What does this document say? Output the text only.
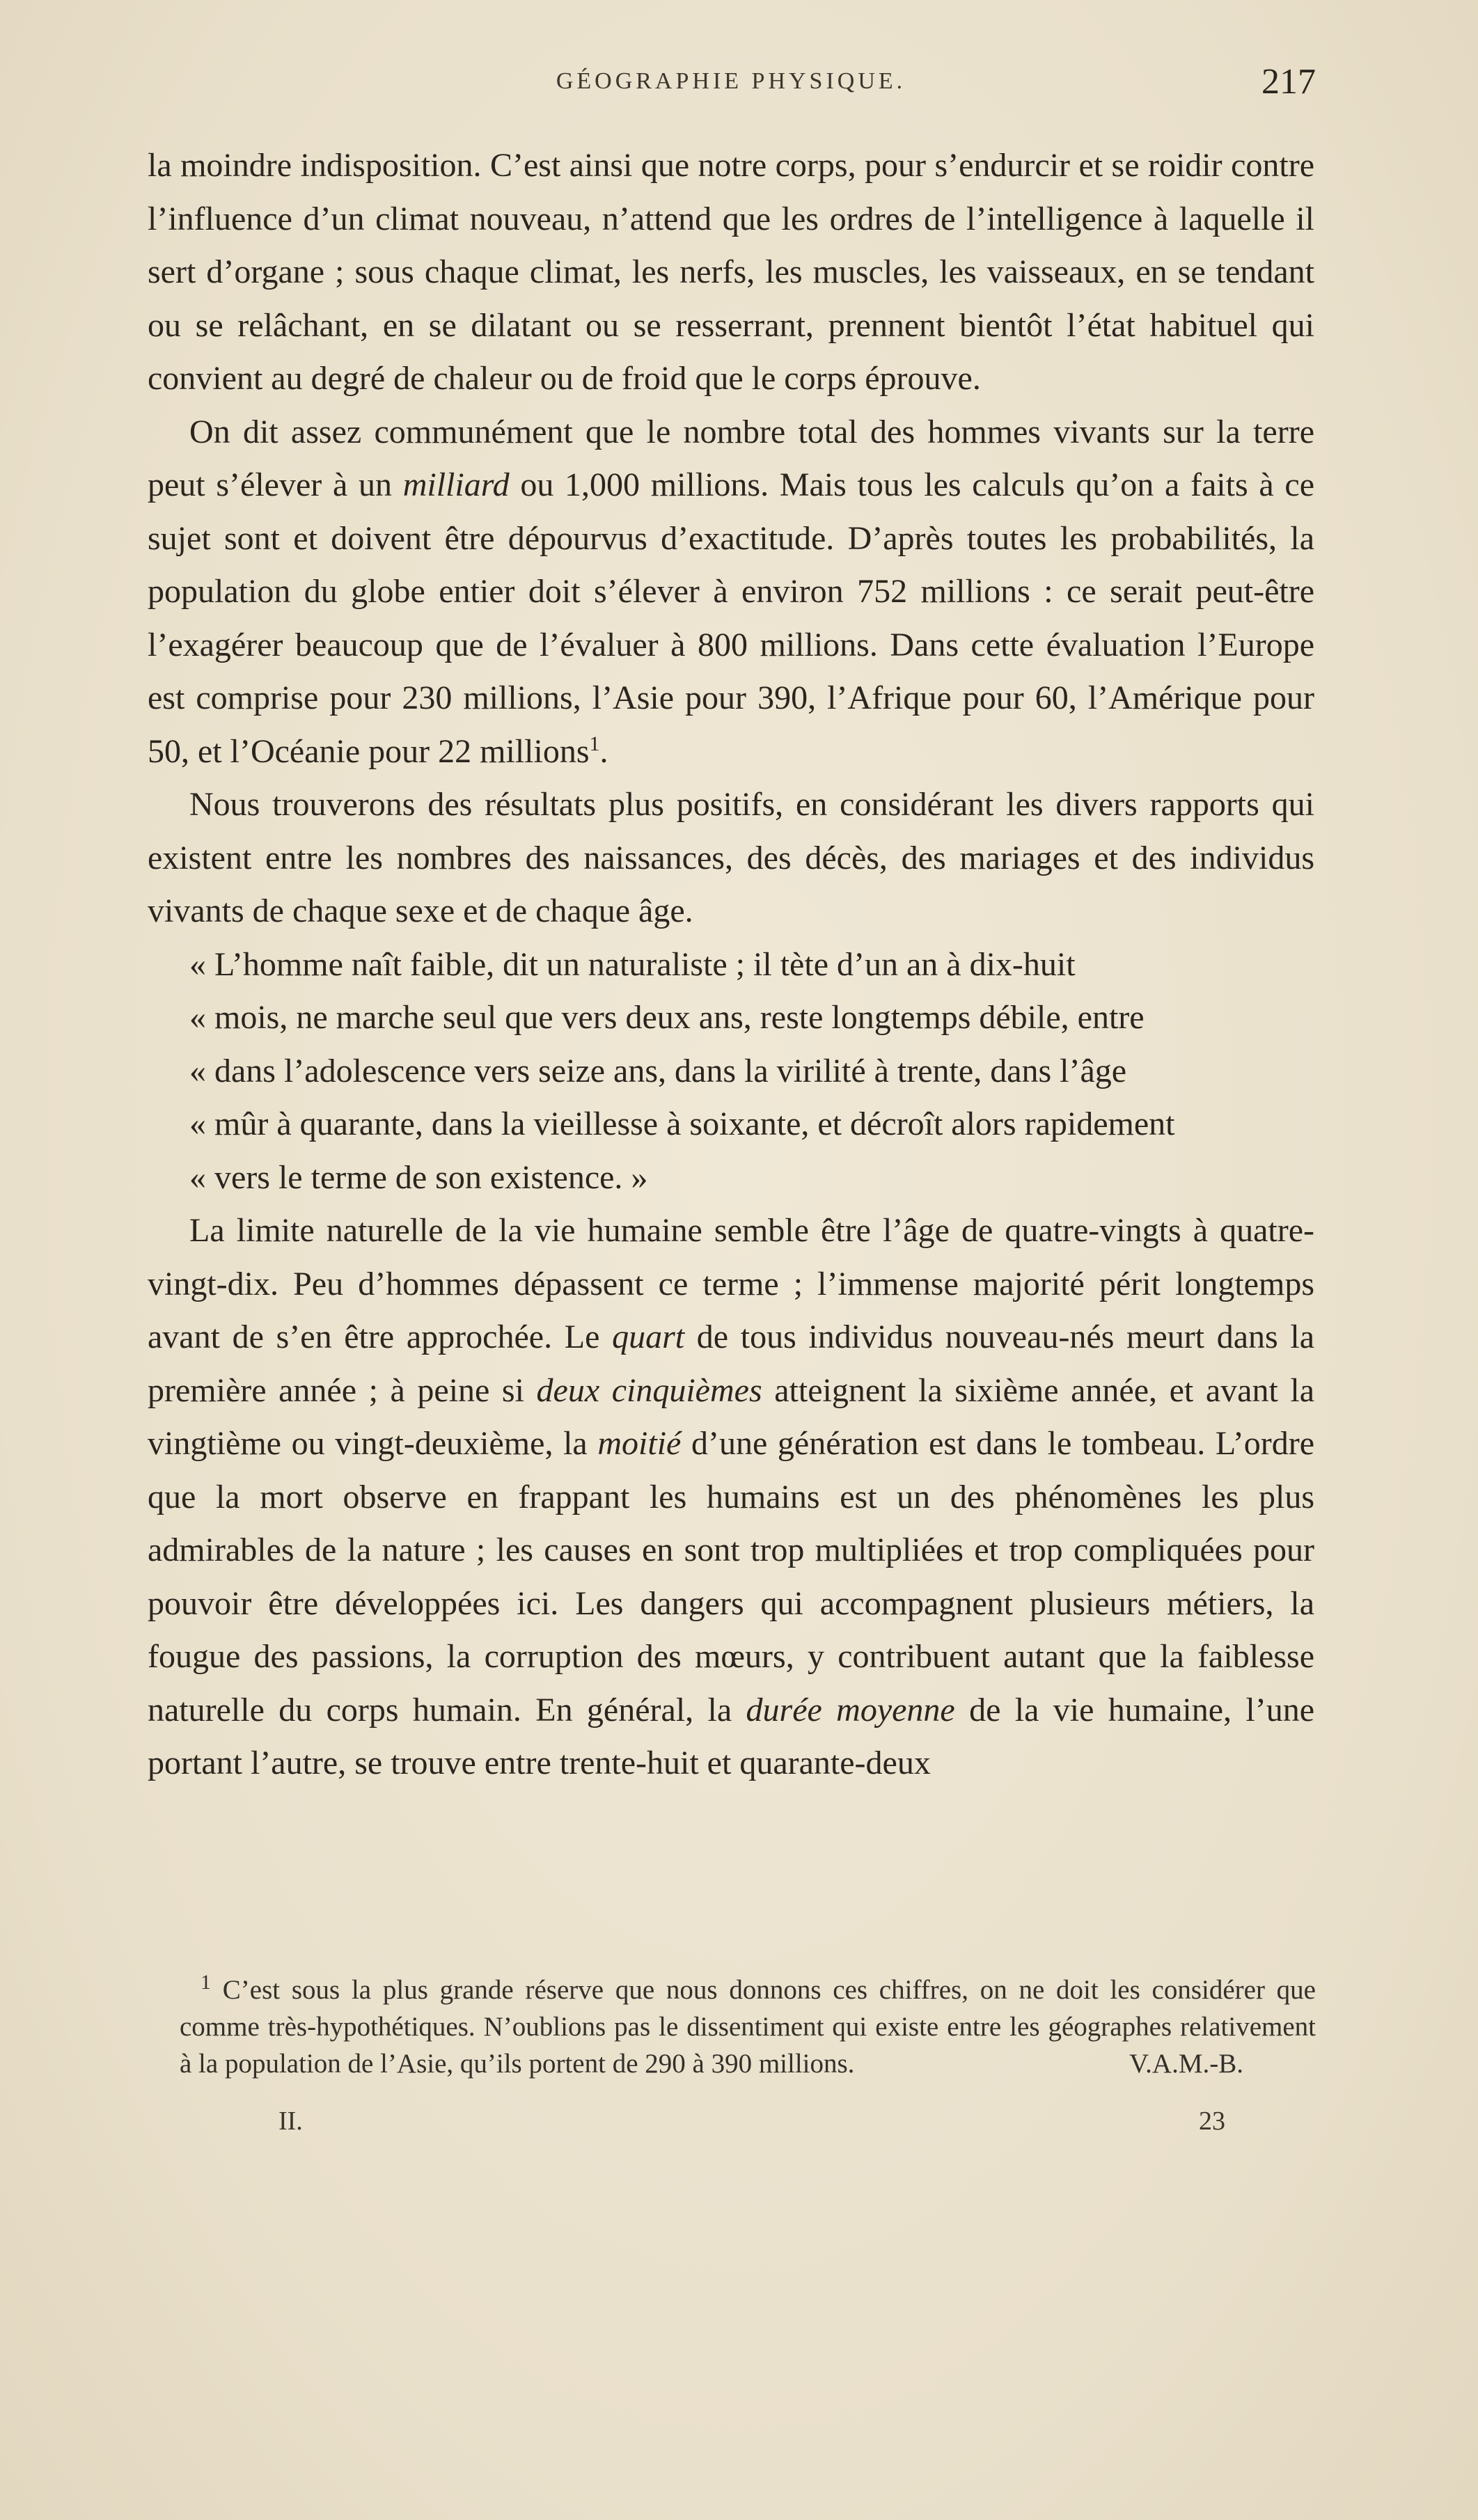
GÉOGRAPHIE PHYSIQUE.	217

la moindre indisposition. C’est ainsi que notre corps, pour s’endurcir et se roidir contre l’influence d’un climat nouveau, n’attend que les ordres de l’intelligence à laquelle il sert d’organe ; sous chaque climat, les nerfs, les muscles, les vaisseaux, en se tendant ou se relâchant, en se dilatant ou se resserrant, prennent bientôt l’état habituel qui convient au degré de chaleur ou de froid que le corps éprouve.

On dit assez communément que le nombre total des hommes vivants sur la terre peut s’élever à un milliard ou 1,000 millions. Mais tous les calculs qu’on a faits à ce sujet sont et doivent être dépourvus d’exactitude. D’après toutes les probabilités, la population du globe entier doit s’élever à environ 752 millions : ce serait peut-être l’exagérer beaucoup que de l’évaluer à 800 millions. Dans cette évaluation l’Europe est comprise pour 230 millions, l’Asie pour 390, l’Afrique pour 60, l’Amérique pour 50, et l’Océanie pour 22 millions$^1$.

Nous trouverons des résultats plus positifs, en considérant les divers rapports qui existent entre les nombres des naissances, des décès, des mariages et des individus vivants de chaque sexe et de chaque âge.

« L’homme naît faible, dit un naturaliste ; il tète d’un an à dix-huit

« mois, ne marche seul que vers deux ans, reste longtemps débile, entre

« dans l’adolescence vers seize ans, dans la virilité à trente, dans l’âge

« mûr à quarante, dans la vieillesse à soixante, et décroît alors rapidement

« vers le terme de son existence. »

La limite naturelle de la vie humaine semble être l’âge de quatre-vingts à quatre-vingt-dix. Peu d’hommes dépassent ce terme ; l’immense majorité périt longtemps avant de s’en être approchée. Le quart de tous individus nouveau-nés meurt dans la première année ; à peine si deux cinquièmes atteignent la sixième année, et avant la vingtième ou vingt-deuxième, la moitié d’une génération est dans le tombeau. L’ordre que la mort observe en frappant les humains est un des phénomènes les plus admirables de la nature ; les causes en sont trop multipliées et trop compliquées pour pouvoir être développées ici. Les dangers qui accompagnent plusieurs métiers, la fougue des passions, la corruption des mœurs, y contribuent autant que la faiblesse naturelle du corps humain. En général, la durée moyenne de la vie humaine, l’une portant l’autre, se trouve entre trente-huit et quarante-deux

$^1$ C’est sous la plus grande réserve que nous donnons ces chiffres, on ne doit les considérer que comme très-hypothétiques. N’oublions pas le dissentiment qui existe entre les géographes relativement à la population de l’Asie, qu’ils portent de 290 à 390 millions.	V.A.M.-B.

II.	23
